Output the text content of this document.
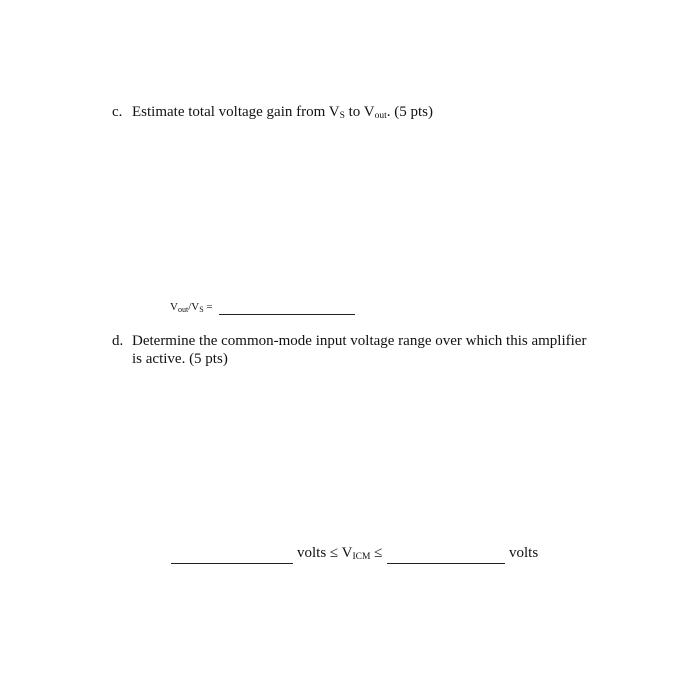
c. Estimate total voltage gain from $V_S$ to $V_{out}$. (5 pts)
$V_{out}/V_S$ =
d. Determine the common-mode input voltage range over which this amplifier
is active. (5 pts)
volts ≤ $V_{ICM}$ ≤	volts
